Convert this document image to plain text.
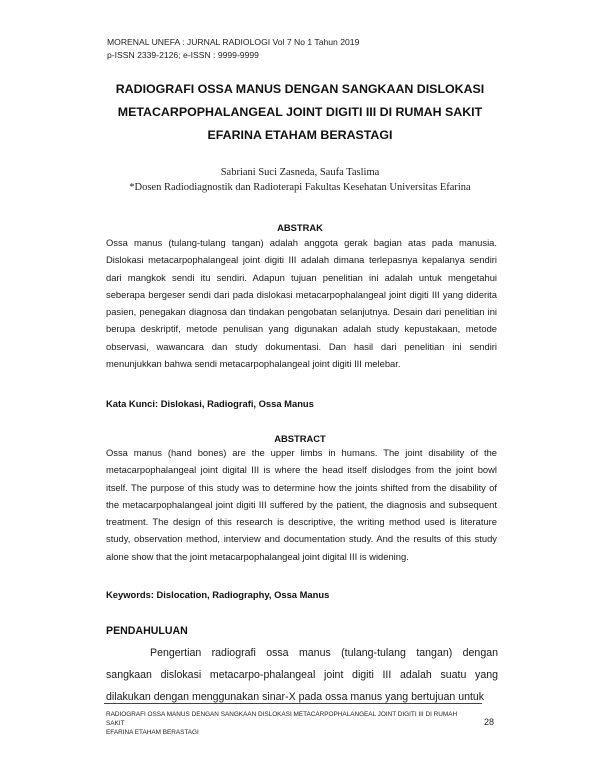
MORENAL UNEFA : JURNAL RADIOLOGI Vol 7 No 1 Tahun 2019
p-ISSN 2339-2126; e-ISSN : 9999-9999
RADIOGRAFI OSSA MANUS DENGAN SANGKAAN DISLOKASI
METACARPOPHALANGEAL JOINT DIGITI III DI RUMAH SAKIT
EFARINA ETAHAM BERASTAGI
Sabriani Suci Zasneda, Saufa Taslima
*Dosen Radiodiagnostik dan Radioterapi Fakultas Kesehatan Universitas Efarina
ABSTRAK

Ossa manus (tulang-tulang tangan) adalah anggota gerak bagian atas pada manusia. Dislokasi metacarpophalangeal joint digiti III adalah dimana terlepasnya kepalanya sendiri dari mangkok sendi itu sendiri. Adapun tujuan penelitian ini adalah untuk mengetahui seberapa bergeser sendi dari pada dislokasi metacarpophalangeal joint digiti III yang diderita pasien, penegakan diagnosa dan tindakan pengobatan selanjutnya. Desain dari penelitian ini berupa deskriptif, metode penulisan yang digunakan adalah study kepustakaan, metode observasi, wawancara dan study dokumentasi. Dan hasil dari penelitian ini sendiri menunjukkan bahwa sendi metacarpophalangeal joint digiti III melebar.

Kata Kunci: Dislokasi, Radiografi, Ossa Manus
ABSTRACT

Ossa manus (hand bones) are the upper limbs in humans. The joint disability of the metacarpophalangeal joint digital III is where the head itself dislodges from the joint bowl itself. The purpose of this study was to determine how the joints shifted from the disability of the metacarpophalangeal joint digiti III suffered by the patient, the diagnosis and subsequent treatment. The design of this research is descriptive, the writing method used is literature study, observation method, interview and documentation study. And the results of this study alone show that the joint metacarpophalangeal joint digital III is widening.

Keywords: Dislocation, Radiography, Ossa Manus
PENDAHULUAN

Pengertian radiografi ossa manus (tulang-tulang tangan) dengan sangkaan dislokasi metacarpo-phalangeal joint digiti III adalah suatu yang dilakukan dengan menggunakan sinar-X pada ossa manus yang bertujuan untuk

RADIOGRAFI OSSA MANUS DENGAN SANGKAAN DISLOKASI METACARPOPHALANGEAL JOINT DIGITI III DI RUMAH SAKIT
EFARINA ETAHAM BERASTAGI
28
